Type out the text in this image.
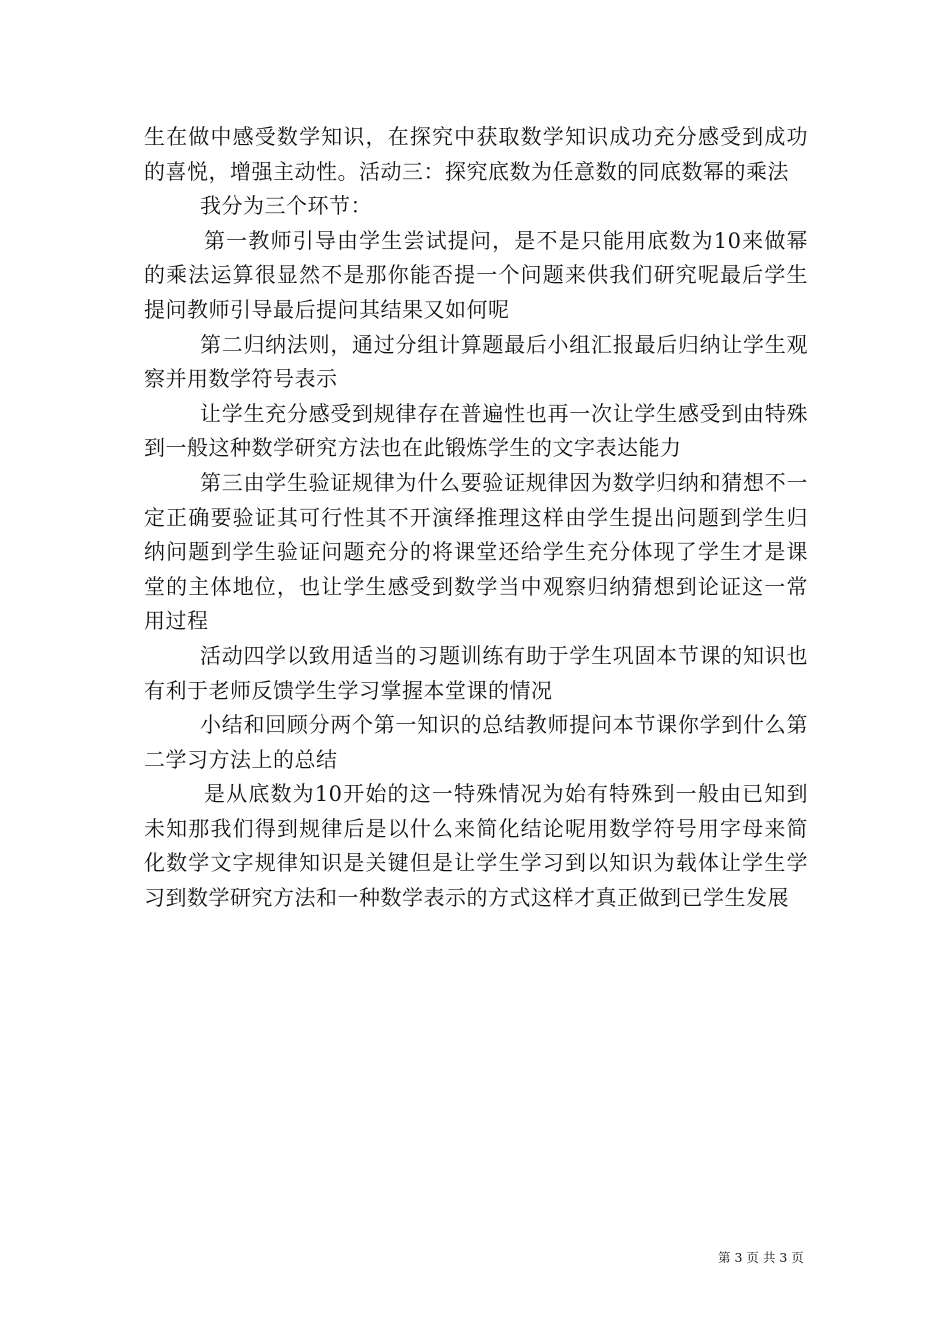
生在做中感受数学知识，在探究中获取数学知识成功充分感受到成功的喜悦，增强主动性。活动三：探究底数为任意数的同底数幂的乘法

我分为三个环节：

第一教师引导由学生尝试提问，是不是只能用底数为10来做幂的乘法运算很显然不是那你能否提一个问题来供我们研究呢最后学生提问教师引导最后提问其结果又如何呢

第二归纳法则，通过分组计算题最后小组汇报最后归纳让学生观察并用数学符号表示

让学生充分感受到规律存在普遍性也再一次让学生感受到由特殊到一般这种数学研究方法也在此锻炼学生的文字表达能力

第三由学生验证规律为什么要验证规律因为数学归纳和猜想不一定正确要验证其可行性其不开演绎推理这样由学生提出问题到学生归纳问题到学生验证问题充分的将课堂还给学生充分体现了学生才是课堂的主体地位，也让学生感受到数学当中观察归纳猜想到论证这一常用过程

活动四学以致用适当的习题训练有助于学生巩固本节课的知识也有利于老师反馈学生学习掌握本堂课的情况

小结和回顾分两个第一知识的总结教师提问本节课你学到什么第二学习方法上的总结

是从底数为10开始的这一特殊情况为始有特殊到一般由已知到未知那我们得到规律后是以什么来简化结论呢用数学符号用字母来简化数学文字规律知识是关键但是让学生学习到以知识为载体让学生学习到数学研究方法和一种数学表示的方式这样才真正做到已学生发展

第 3 页 共 3 页
